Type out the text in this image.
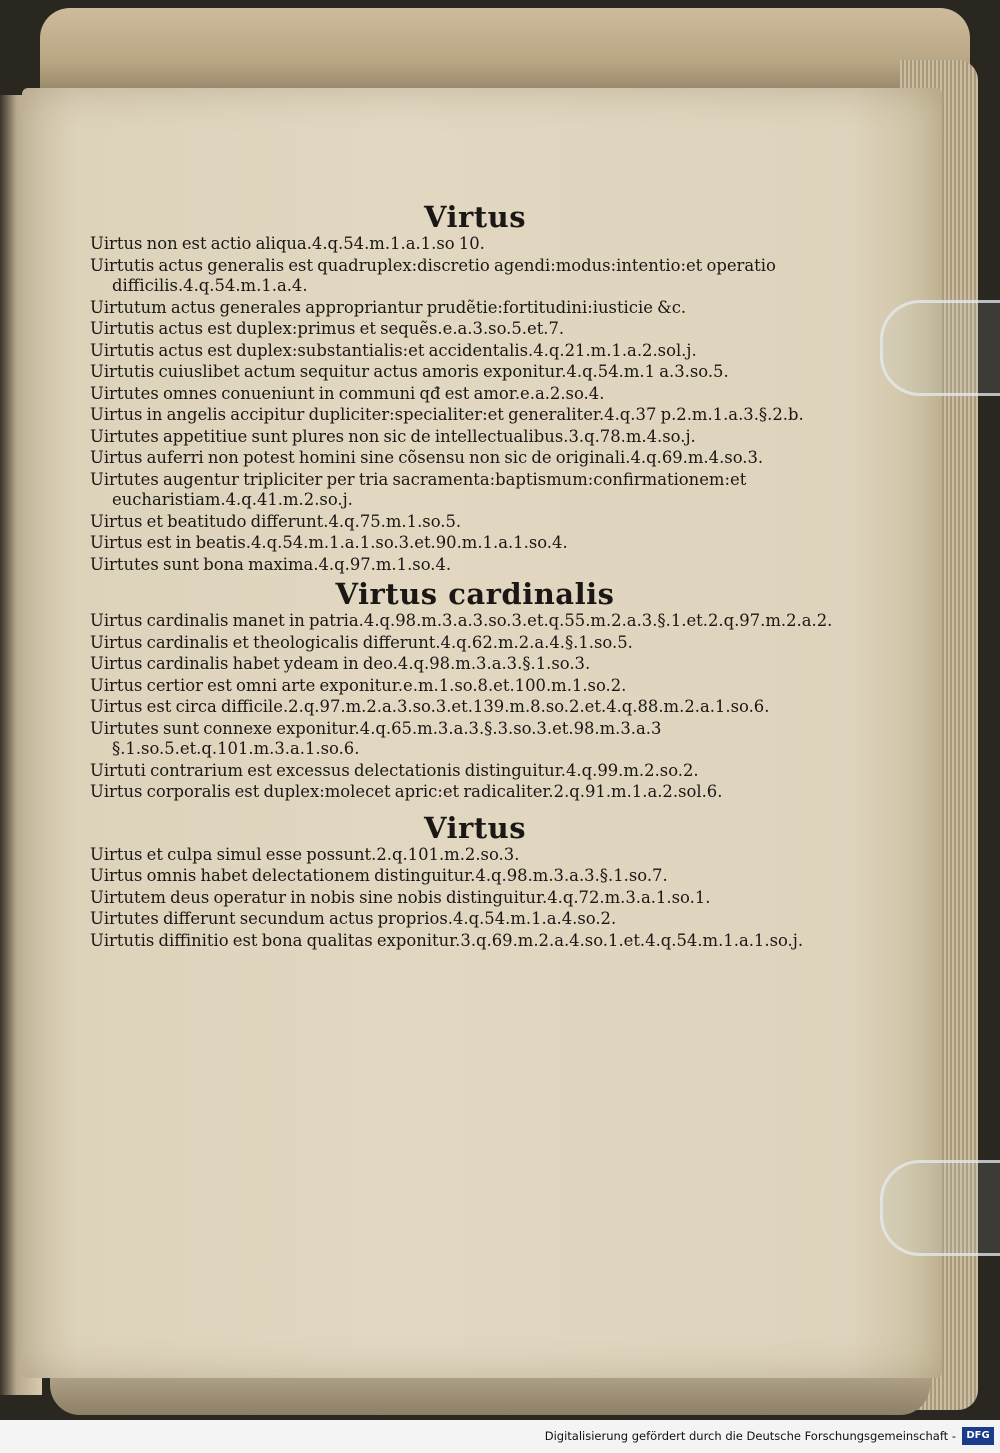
Virtus

Uirtus non est actio aliqua.4.q.54.m.1.a.1.so 10.

Uirtutis actus generalis est quadruplex:discretio agendi:modus:intentio:et operatio difficilis.4.q.54.m.1.a.4.

Uirtutum actus generales appropriantur prudẽtie:fortitudini:iusticie &c.

Uirtutis actus est duplex:primus et sequẽs.e.a.3.so.5.et.7.

Uirtutis actus est duplex:substantialis:et accidentalis.4.q.21.m.1.a.2.sol.j.

Uirtutis cuiuslibet actum sequitur actus amoris exponitur.4.q.54.m.1 a.3.so.5.

Uirtutes omnes conueniunt in communi qđ est amor.e.a.2.so.4.

Uirtus in angelis accipitur dupliciter:specialiter:et generaliter.4.q.37 p.2.m.1.a.3.§.2.b.

Uirtutes appetitiue sunt plures non sic de intellectualibus.3.q.78.m.4.so.j.

Uirtus auferri non potest homini sine cõsensu non sic de originali.4.q.69.m.4.so.3.

Uirtutes augentur tripliciter per tria sacramenta:baptismum:confirmationem:et eucharistiam.4.q.41.m.2.so.j.

Uirtus et beatitudo differunt.4.q.75.m.1.so.5.

Uirtus est in beatis.4.q.54.m.1.a.1.so.3.et.90.m.1.a.1.so.4.

Uirtutes sunt bona maxima.4.q.97.m.1.so.4.

Virtus cardinalis

Uirtus cardinalis manet in patria.4.q.98.m.3.a.3.so.3.et.q.55.m.2.a.3.§.1.et.2.q.97.m.2.a.2.

Uirtus cardinalis et theologicalis differunt.4.q.62.m.2.a.4.§.1.so.5.

Uirtus cardinalis habet ydeam in deo.4.q.98.m.3.a.3.§.1.so.3.

Uirtus certior est omni arte exponitur.e.m.1.so.8.et.100.m.1.so.2.

Uirtus est circa difficile.2.q.97.m.2.a.3.so.3.et.139.m.8.so.2.et.4.q.88.m.2.a.1.so.6.

Uirtutes sunt connexe exponitur.4.q.65.m.3.a.3.§.3.so.3.et.98.m.3.a.3 §.1.so.5.et.q.101.m.3.a.1.so.6.

Uirtuti contrarium est excessus delectationis distinguitur.4.q.99.m.2.so.2.

Uirtus corporalis est duplex:molecet apric:et radicaliter.2.q.91.m.1.a.2.sol.6.

Virtus

Uirtus et culpa simul esse possunt.2.q.101.m.2.so.3.

Uirtus omnis habet delectationem distinguitur.4.q.98.m.3.a.3.§.1.so.7.

Uirtutem deus operatur in nobis sine nobis distinguitur.4.q.72.m.3.a.1.so.1.

Uirtutes differunt secundum actus proprios.4.q.54.m.1.a.4.so.2.

Uirtutis diffinitio est bona qualitas exponitur.3.q.69.m.2.a.4.so.1.et.4.q.54.m.1.a.1.so.j.

Digitalisierung gefördert durch die Deutsche Forschungsgemeinschaft -	DFG
